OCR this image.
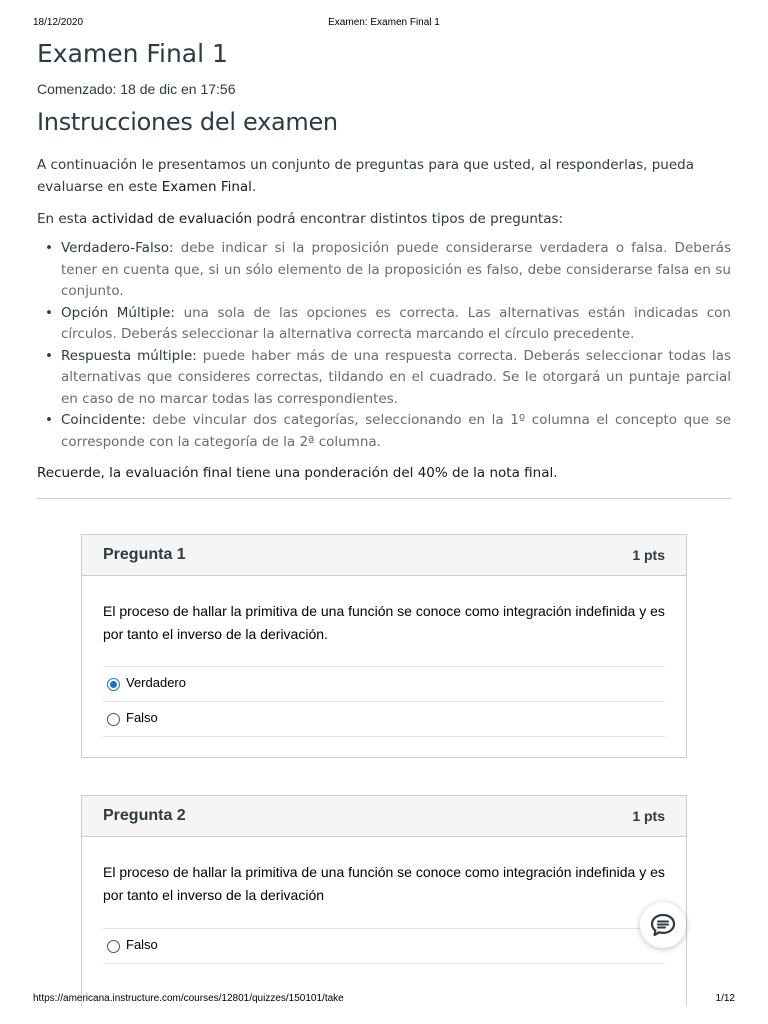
18/12/2020	Examen: Examen Final 1
Examen Final 1
Comenzado: 18 de dic en 17:56
Instrucciones del examen
A continuación le presentamos un conjunto de preguntas para que usted, al responderlas, pueda evaluarse en este Examen Final.
En esta actividad de evaluación podrá encontrar distintos tipos de preguntas:
• Verdadero-Falso: debe indicar si la proposición puede considerarse verdadera o falsa. Deberás tener en cuenta que, si un sólo elemento de la proposición es falso, debe considerarse falsa en su conjunto.
• Opción Múltiple: una sola de las opciones es correcta. Las alternativas están indicadas con círculos. Deberás seleccionar la alternativa correcta marcando el círculo precedente.
• Respuesta múltiple: puede haber más de una respuesta correcta. Deberás seleccionar todas las alternativas que consideres correctas, tildando en el cuadrado. Se le otorgará un puntaje parcial en caso de no marcar todas las correspondientes.
• Coincidente: debe vincular dos categorías, seleccionando en la 1º columna el concepto que se corresponde con la categoría de la 2ª columna.
Recuerde, la evaluación final tiene una ponderación del 40% de la nota final.
Pregunta 1	1 pts
El proceso de hallar la primitiva de una función se conoce como integración indefinida y es por tanto el inverso de la derivación.
Verdadero
Falso
Pregunta 2	1 pts
El proceso de hallar la primitiva de una función se conoce como integración indefinida y es por tanto el inverso de la derivación
Falso
https://americana.instructure.com/courses/12801/quizzes/150101/take	1/12
